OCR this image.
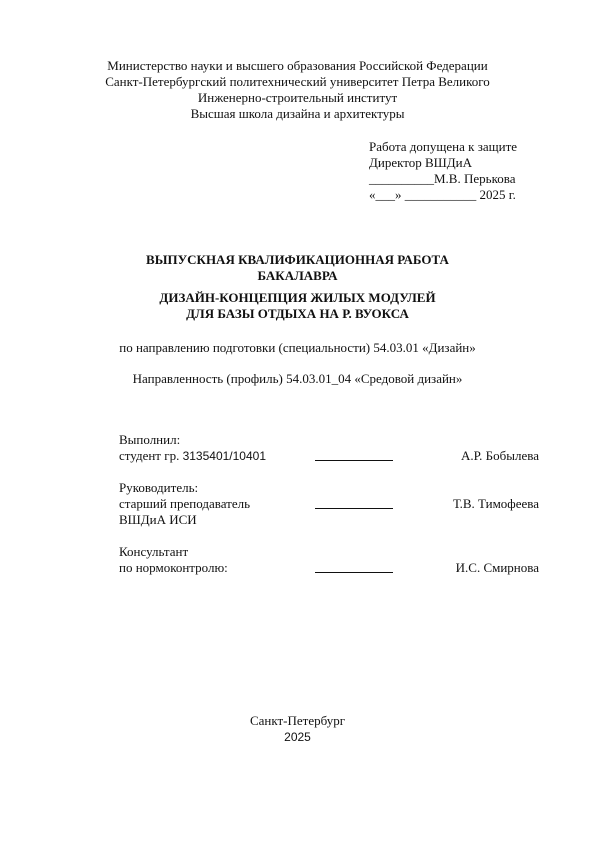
Министерство науки и высшего образования Российской Федерации
Санкт-Петербургский политехнический университет Петра Великого
Инженерно-строительный институт
Высшая школа дизайна и архитектуры
Работа допущена к защите
Директор ВШДиА
__________М.В. Перькова
«___» ___________ 2025 г.
ВЫПУСКНАЯ КВАЛИФИКАЦИОННАЯ РАБОТА
БАКАЛАВРА
ДИЗАЙН-КОНЦЕПЦИЯ ЖИЛЫХ МОДУЛЕЙ
ДЛЯ БАЗЫ ОТДЫХА НА Р. ВУОКСА
по направлению подготовки (специальности) 54.03.01 «Дизайн»
Направленность (профиль) 54.03.01_04 «Средовой дизайн»
Выполнил:
студент гр. 3135401/10401	А.Р. Бобылева
Руководитель:
старший преподаватель	Т.В. Тимофеева
ВШДиА ИСИ
Консультант
по нормоконтролю:	И.С. Смирнова
Санкт-Петербург
2025
